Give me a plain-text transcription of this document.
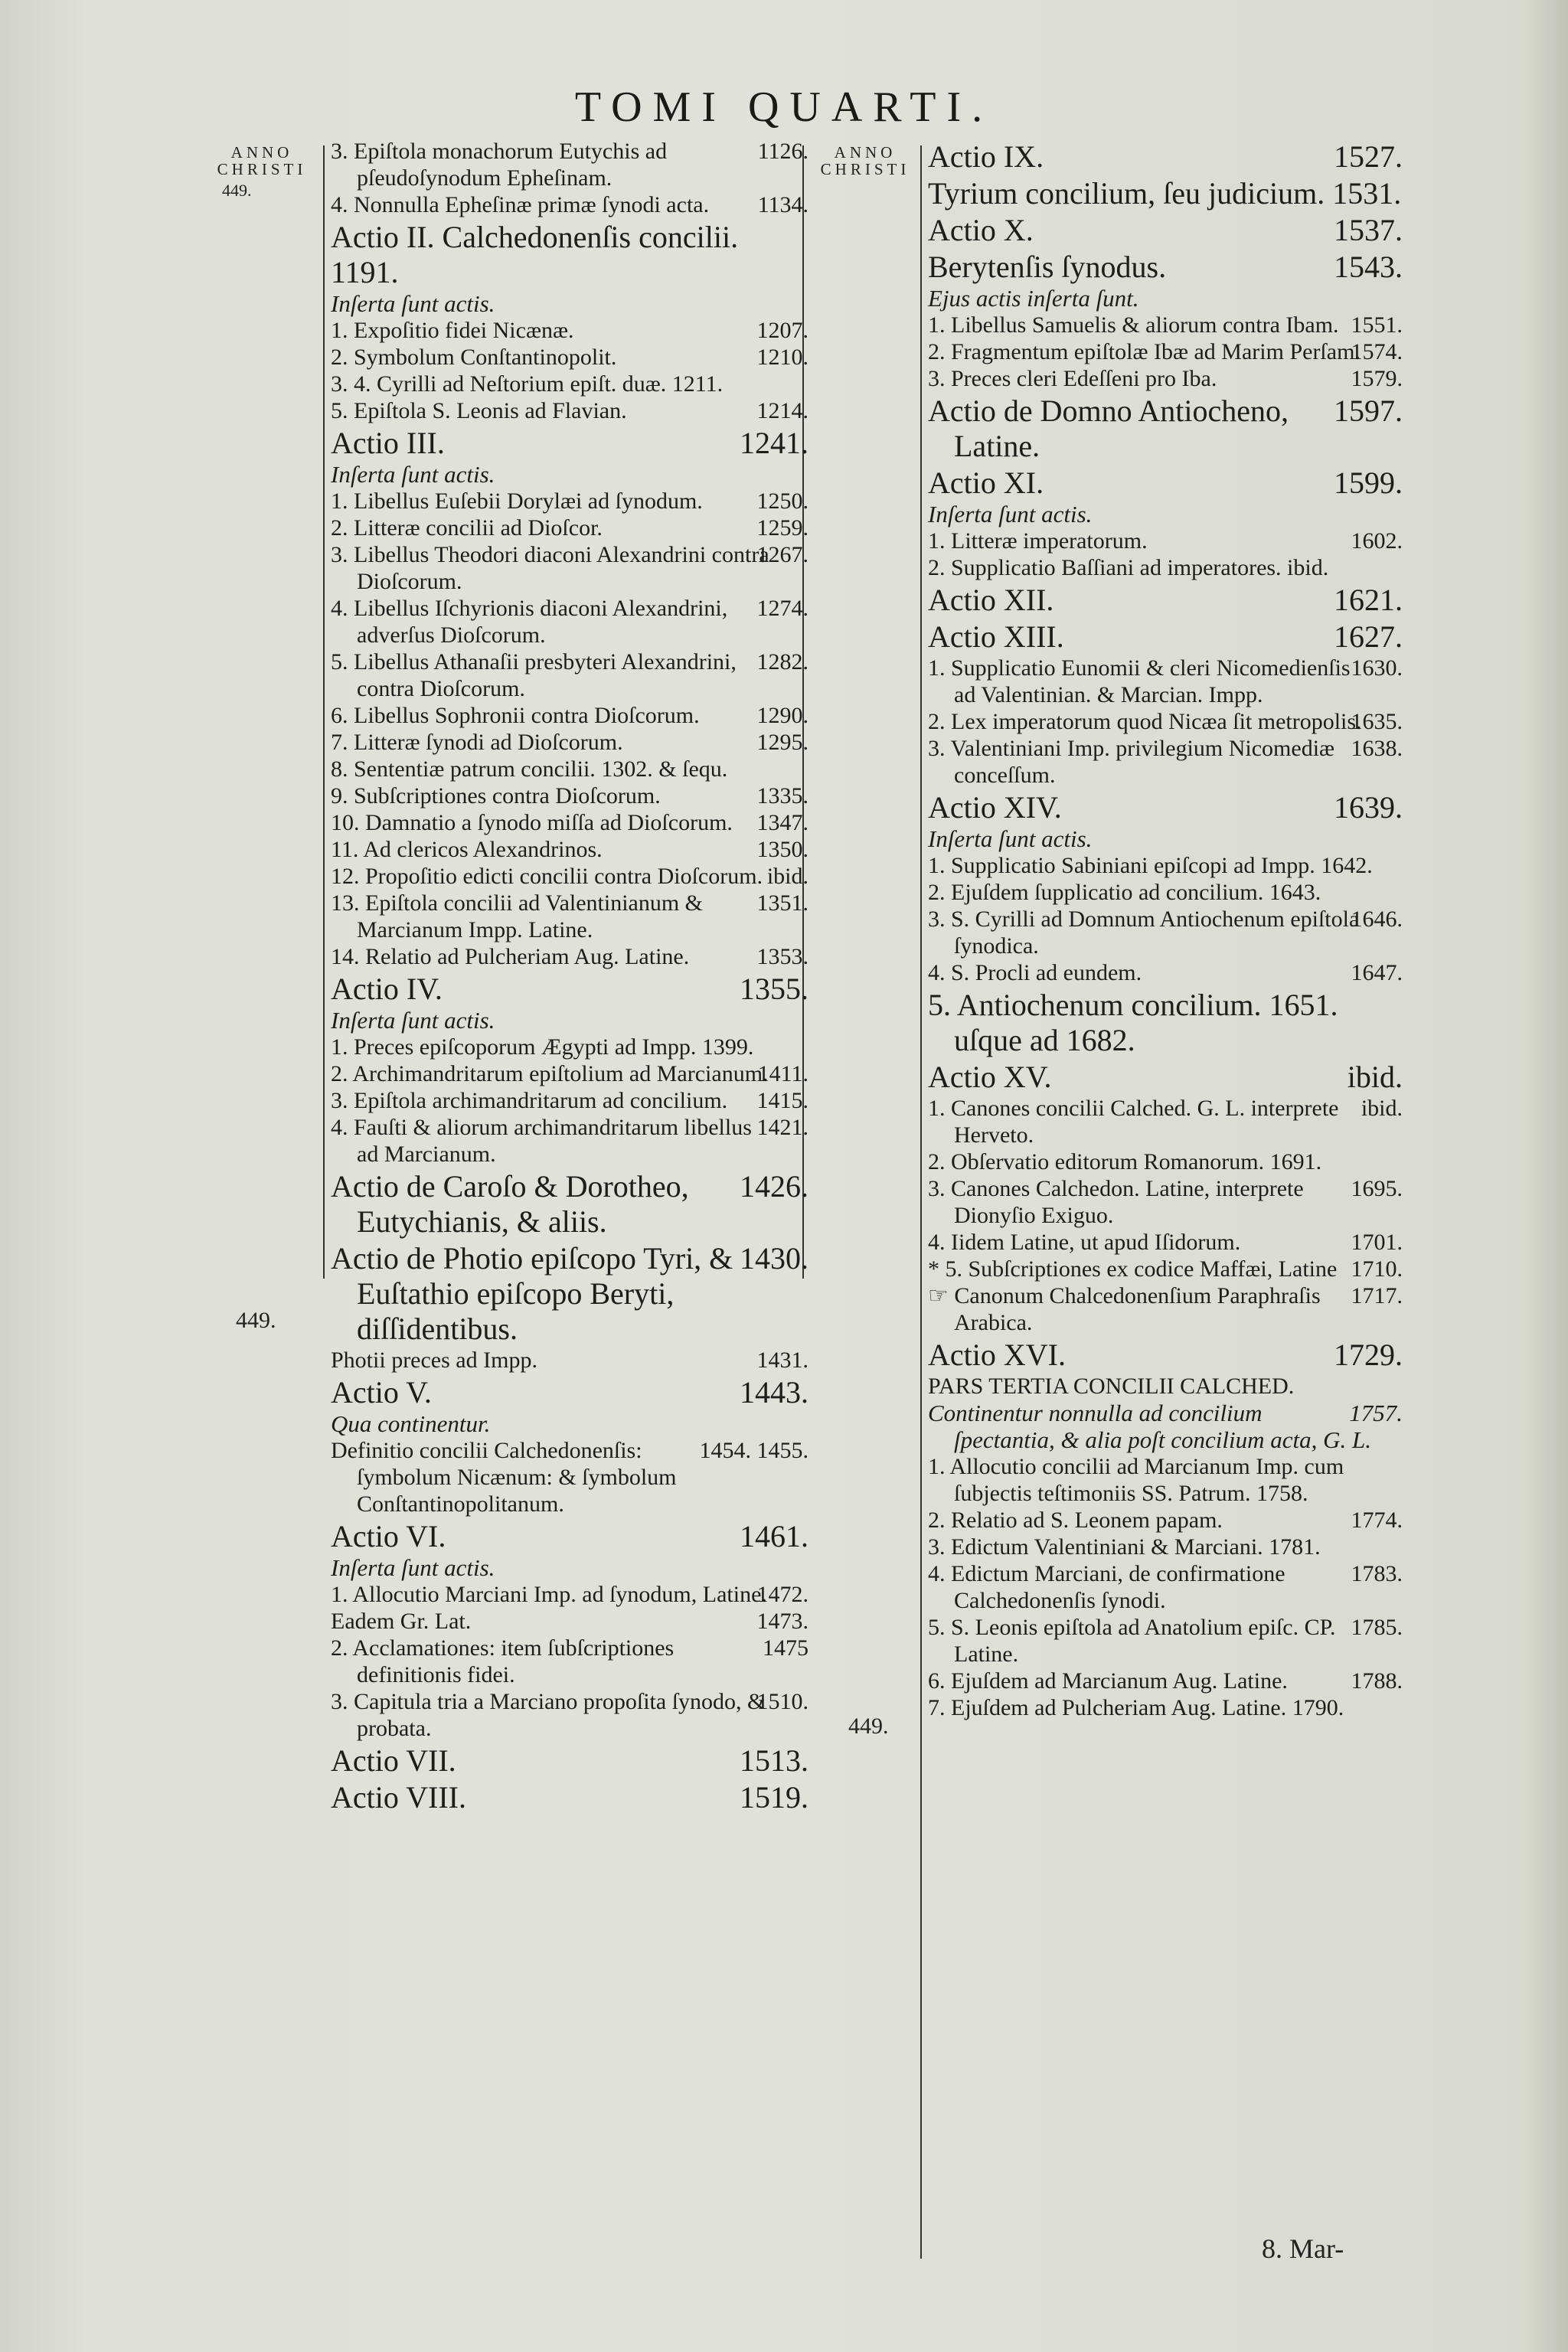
TOMI QUARTI.
ANNO CHRISTI
449.
449.
ANNO CHRISTI
449.
1126.
3. Epiſtola monachorum Eutychis ad pſeudoſynodum Epheſinam.
1134.
4. Nonnulla Epheſinæ primæ ſynodi acta.
Actio II. Calchedonenſis concilii. 1191.
Inſerta ſunt actis.
1207.
1. Expoſitio fidei Nicænæ.
1210.
2. Symbolum Conſtantinopolit.
3. 4. Cyrilli ad Neſtorium epiſt. duæ. 1211.
1214.
5. Epiſtola S. Leonis ad Flavian.
1241.
Actio III.
Inſerta ſunt actis.
1250.
1. Libellus Euſebii Dorylæi ad ſynodum.
1259.
2. Litteræ concilii ad Dioſcor.
1267.
3. Libellus Theodori diaconi Alexandrini contra Dioſcorum.
1274.
4. Libellus Iſchyrionis diaconi Alexandrini, adverſus Dioſcorum.
1282.
5. Libellus Athanaſii presbyteri Alexandrini, contra Dioſcorum.
1290.
6. Libellus Sophronii contra Dioſcorum.
1295.
7. Litteræ ſynodi ad Dioſcorum.
8. Sententiæ patrum concilii. 1302. & ſequ.
1335.
9. Subſcriptiones contra Dioſcorum.
1347.
10. Damnatio a ſynodo miſſa ad Dioſcorum.
1350.
11. Ad clericos Alexandrinos.
ibid.
12. Propoſitio edicti concilii contra Dioſcorum.
1351.
13. Epiſtola concilii ad Valentinianum & Marcianum Impp. Latine.
1353.
14. Relatio ad Pulcheriam Aug. Latine.
1355.
Actio IV.
Inſerta ſunt actis.
1. Preces epiſcoporum Ægypti ad Impp. 1399.
1411.
2. Archimandritarum epiſtolium ad Marcianum.
1415.
3. Epiſtola archimandritarum ad concilium.
1421.
4. Fauſti & aliorum archimandritarum libellus ad Marcianum.
1426.
Actio de Caroſo & Dorotheo, Eutychianis, & aliis.
1430.
Actio de Photio epiſcopo Tyri, & Euſtathio epiſcopo Beryti, diſſidentibus.
1431.
Photii preces ad Impp.
1443.
Actio V.
Qua continentur.
1454. 1455.
Definitio concilii Calchedonenſis: ſymbolum Nicænum: & ſymbolum Conſtantinopolitanum.
1461.
Actio VI.
Inſerta ſunt actis.
1472.
1. Allocutio Marciani Imp. ad ſynodum, Latine.
1473.
Eadem Gr. Lat.
1475
2. Acclamationes: item ſubſcriptiones definitionis fidei.
1510.
3. Capitula tria a Marciano propoſita ſynodo, & probata.
1513.
Actio VII.
1519.
Actio VIII.
1527.
Actio IX.
Tyrium concilium, ſeu judicium. 1531.
1537.
Actio X.
1543.
Berytenſis ſynodus.
Ejus actis inſerta ſunt.
1551.
1. Libellus Samuelis & aliorum contra Ibam.
1574.
2. Fragmentum epiſtolæ Ibæ ad Marim Perſam.
1579.
3. Preces cleri Edeſſeni pro Iba.
1597.
Actio de Domno Antiocheno, Latine.
1599.
Actio XI.
Inſerta ſunt actis.
1602.
1. Litteræ imperatorum.
2. Supplicatio Baſſiani ad imperatores. ibid.
1621.
Actio XII.
1627.
Actio XIII.
1630.
1. Supplicatio Eunomii & cleri Nicomedienſis ad Valentinian. & Marcian. Impp.
1635.
2. Lex imperatorum quod Nicæa ſit metropolis.
1638.
3. Valentiniani Imp. privilegium Nicomediæ conceſſum.
1639.
Actio XIV.
Inſerta ſunt actis.
1. Supplicatio Sabiniani epiſcopi ad Impp. 1642.
2. Ejuſdem ſupplicatio ad concilium. 1643.
1646.
3. S. Cyrilli ad Domnum Antiochenum epiſtola ſynodica.
1647.
4. S. Procli ad eundem.
5. Antiochenum concilium. 1651. uſque ad 1682.
ibid.
Actio XV.
ibid.
1. Canones concilii Calched. G. L. interprete Herveto.
2. Obſervatio editorum Romanorum. 1691.
1695.
3. Canones Calchedon. Latine, interprete Dionyſio Exiguo.
1701.
4. Iidem Latine, ut apud Iſidorum.
1710.
* 5. Subſcriptiones ex codice Maffæi, Latine
1717.
☞ Canonum Chalcedonenſium Paraphraſis Arabica.
1729.
Actio XVI.
PARS TERTIA CONCILII CALCHED.
1757.
Continentur nonnulla ad concilium ſpectantia, & alia poſt concilium acta, G. L.
1. Allocutio concilii ad Marcianum Imp. cum ſubjectis teſtimoniis SS. Patrum. 1758.
1774.
2. Relatio ad S. Leonem papam.
3. Edictum Valentiniani & Marciani. 1781.
1783.
4. Edictum Marciani, de confirmatione Calchedonenſis ſynodi.
1785.
5. S. Leonis epiſtola ad Anatolium epiſc. CP. Latine.
1788.
6. Ejuſdem ad Marcianum Aug. Latine.
7. Ejuſdem ad Pulcheriam Aug. Latine. 1790.
8. Mar-
